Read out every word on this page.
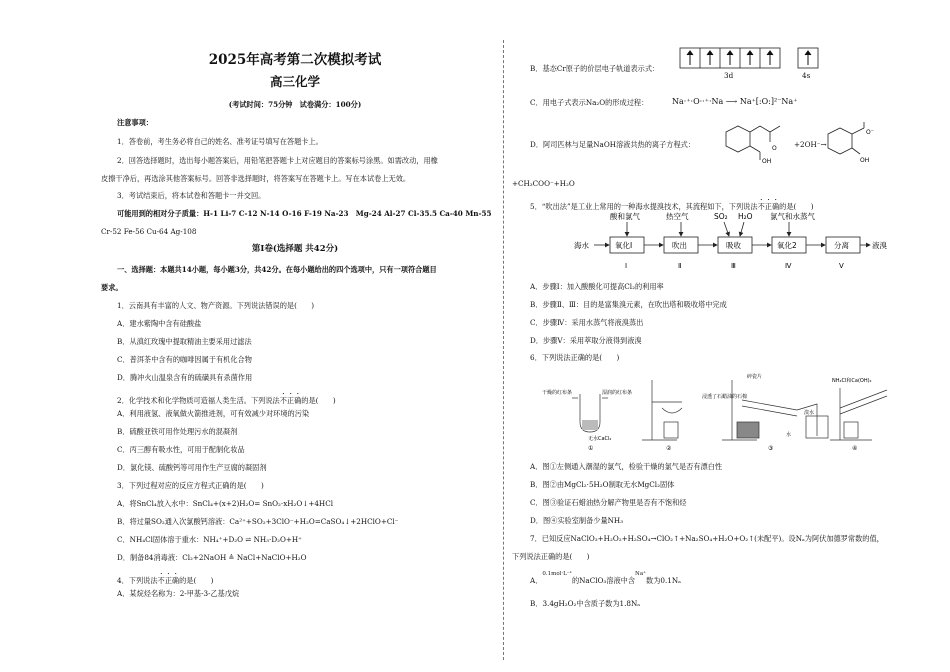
2025年高考第二次模拟考试
高三化学
(考试时间：75分钟　试卷满分：100分)
注意事项：
1．答卷前，考生务必将自己的姓名、准考证号填写在答题卡上。
2．回答选择题时，选出每小题答案后，用铅笔把答题卡上对应题目的答案标号涂黑。如需改动，用橡
皮擦干净后，再选涂其他答案标号。回答非选择题时，将答案写在答题卡上。写在本试卷上无效。
3．考试结束后，将本试卷和答题卡一并交回。
可能用到的相对分子质量：H-1 Li-7 C-12 N-14 O-16 F-19 Na-23　Mg-24 Al-27 Cl-35.5 Ca-40 Mn-55
Cr-52 Fe-56 Cu-64 Ag-108
第Ⅰ卷(选择题 共42分)
一、选择题：本题共14小题，每小题3分，共42分。在每小题给出的四个选项中，只有一项符合题目
要求。
1．云南具有丰富的人文、物产资源。下列说法错误的是(　　)
A．建水紫陶中含有硅酸盐
B．从滇红玫瑰中提取精油主要采用过滤法
C．普洱茶中含有的咖啡因属于有机化合物
D．腾冲火山温泉含有的硫磺具有杀菌作用
2．化学技术和化学物质可造福人类生活。下列说法不正确的是(　　)
A．利用液氢、液氧做火箭推进剂，可有效减少对环境的污染
B．硫酸亚铁可用作处理污水的混凝剂
C．丙三醇有吸水性，可用于配制化妆品
D．氯化镁、硫酸钙等可用作生产豆腐的凝固剂
3．下列过程对应的反应方程式正确的是(　　)
A．将SnCl₄放入水中：SnCl₄+(x+2)H₂O= SnO₂·xH₂O↓+4HCl
B．将过量SO₂通入次氯酸钙溶液：Ca²⁺+SO₂+3ClO⁻+H₂O=CaSO₄↓+2HClO+Cl⁻
C．NH₄Cl固体溶于重水：NH₄⁺+D₂O ⇌ NH₃·D₂O+H⁺
D．制备84消毒液：Cl₂+2NaOH ≜ NaCl+NaClO+H₂O
4．下列说法不正确的是(　　)
A．某烷烃名称为：2-甲基-3-乙基戊烷
B．基态Cr原子的价层电子轨道表示式：
3d	4s
C．用电子式表示Na₂O的形成过程：	Na·⁺·O··⁺·Na ⟶ Na⁺[:O:]²⁻Na⁺
D．阿司匹林与足量NaOH溶液共热的离子方程式：	O
OH
+2OH⁻→
O⁻
OH
+CH₃COO⁻+H₂O
5．“吹出法”是工业上常用的一种海水提溴技术，其流程如下，下列说法不正确的是(　　)
酸和氯气	热空气	SO₂ H₂O 氯气和水蒸气
海水	氧化Ⅰ	吹出	吸收	氧化2	分离	液溴
Ⅰ	Ⅱ	Ⅲ	Ⅳ	Ⅴ
A．步骤Ⅰ：加入酸酸化可提高Cl₂的利用率
B．步骤Ⅱ、Ⅲ：目的是富集溴元素，在吹出塔和吸收塔中完成
C．步骤Ⅳ：采用水蒸气将液溴蒸出
D．步骤Ⅴ：采用萃取分液得到液溴
6．下列说法正确的是(　　)
干燥的红布条	湿润的红布条
无水CaCl₂
碎瓷片
浸透了石蜡油的石棉
水
溴水
NH₄Cl和Ca(OH)₂
①	②	③	④
A．图①左侧通入潮湿的氯气，检验干燥的氯气是否有漂白性
B．图②由MgCl₂·5H₂O制取无水MgCl₂固体
C．图③验证石蜡油热分解产物里是否有不饱和烃
D．图④实验室制备少量NH₃
7．已知反应NaClO₃+H₂O₂+H₂SO₄→ClO₂↑+Na₂SO₄+H₂O+O₂↑(未配平)。设Nₐ为阿伏加德罗常数的值，
下列说法正确的是(　　)
A．$^{0.1mol\cdot L^{-1}}$的NaClO₃溶液中含$^{Na^+}$数为0.1Nₐ
B．3.4gH₂O₂中含质子数为1.8Nₐ
